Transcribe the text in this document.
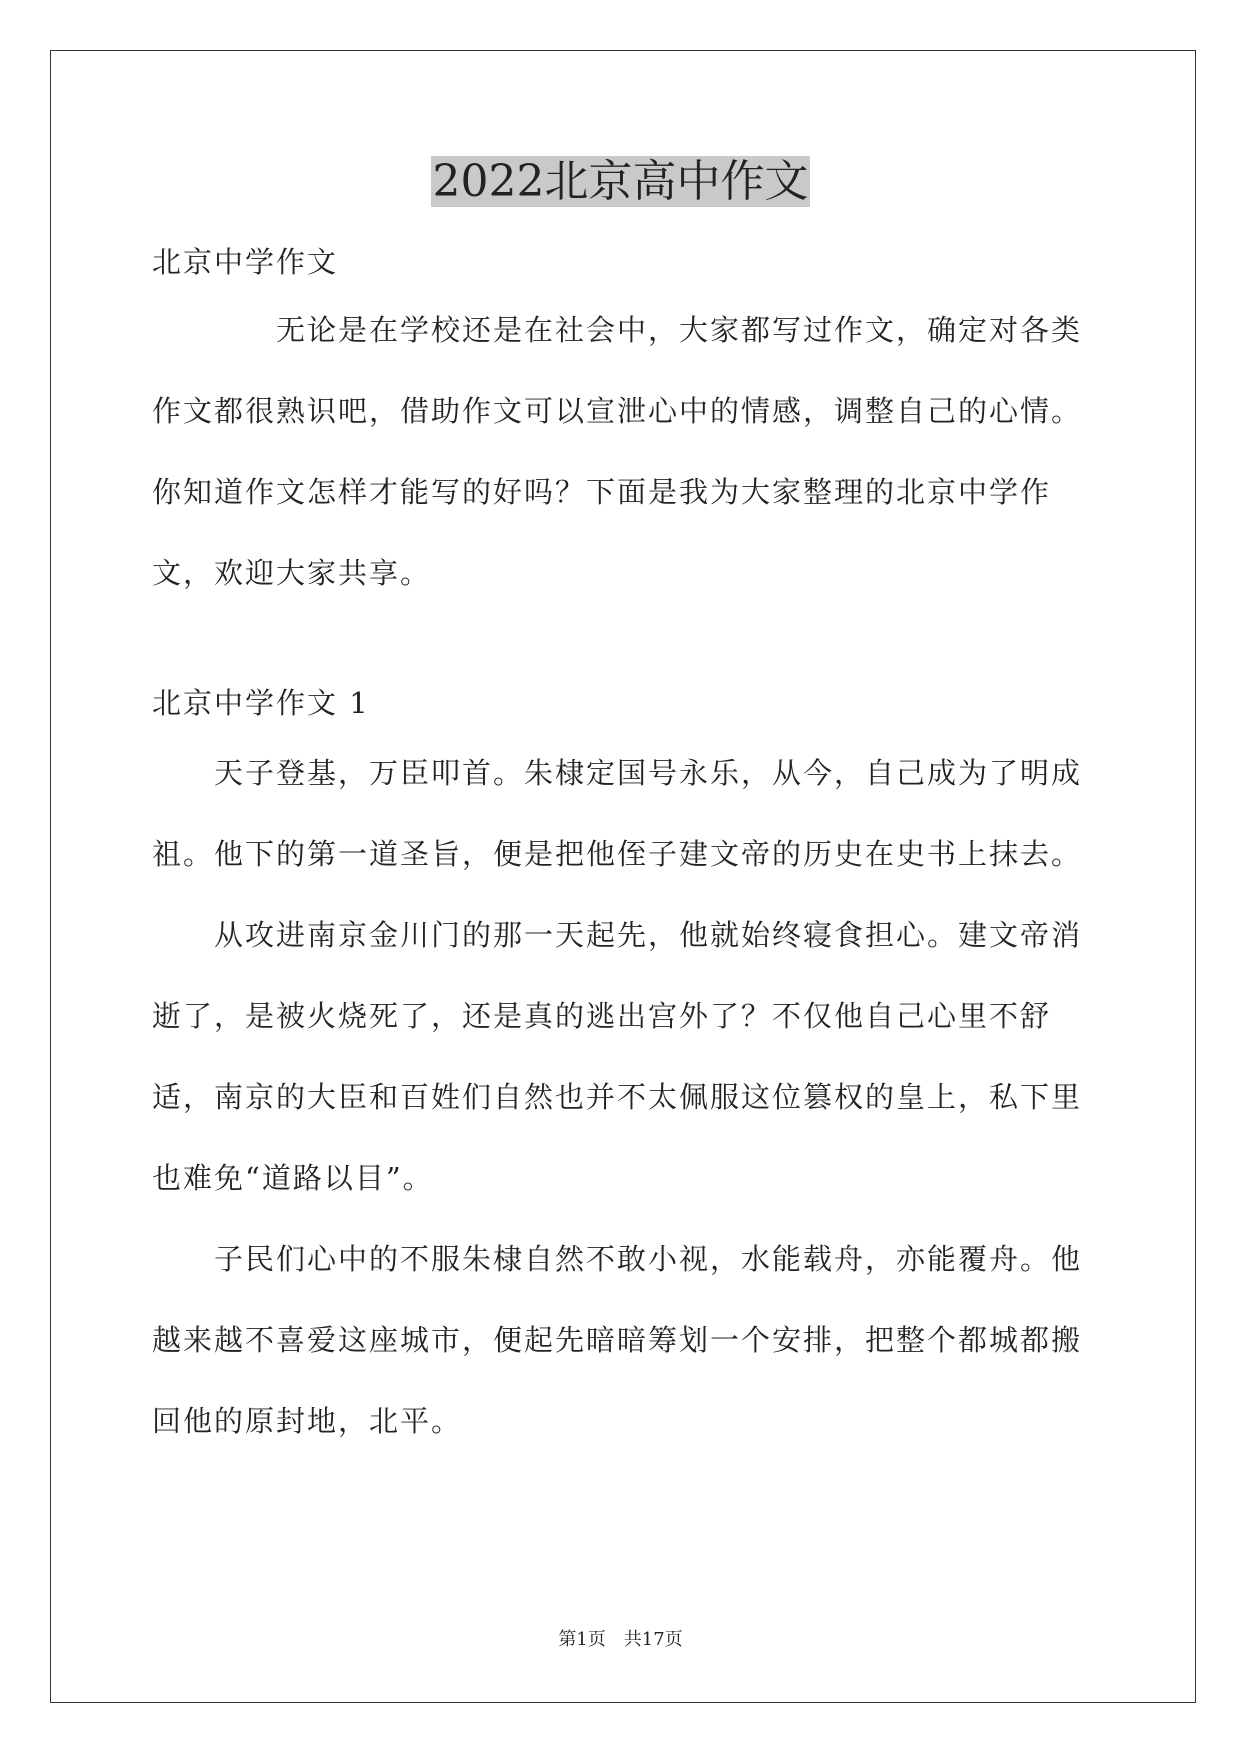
2022北京高中作文

北京中学作文

无论是在学校还是在社会中，大家都写过作文，确定对各类作文都很熟识吧，借助作文可以宣泄心中的情感，调整自己的心情。你知道作文怎样才能写的好吗？下面是我为大家整理的北京中学作文，欢迎大家共享。

北京中学作文 1

天子登基，万臣叩首。朱棣定国号永乐，从今，自己成为了明成祖。他下的第一道圣旨，便是把他侄子建文帝的历史在史书上抹去。

从攻进南京金川门的那一天起先，他就始终寝食担心。建文帝消逝了，是被火烧死了，还是真的逃出宫外了？不仅他自己心里不舒适，南京的大臣和百姓们自然也并不太佩服这位篡权的皇上，私下里也难免“道路以目”。

子民们心中的不服朱棣自然不敢小视，水能载舟，亦能覆舟。他越来越不喜爱这座城市，便起先暗暗筹划一个安排，把整个都城都搬回他的原封地，北平。

第1页 共17页
